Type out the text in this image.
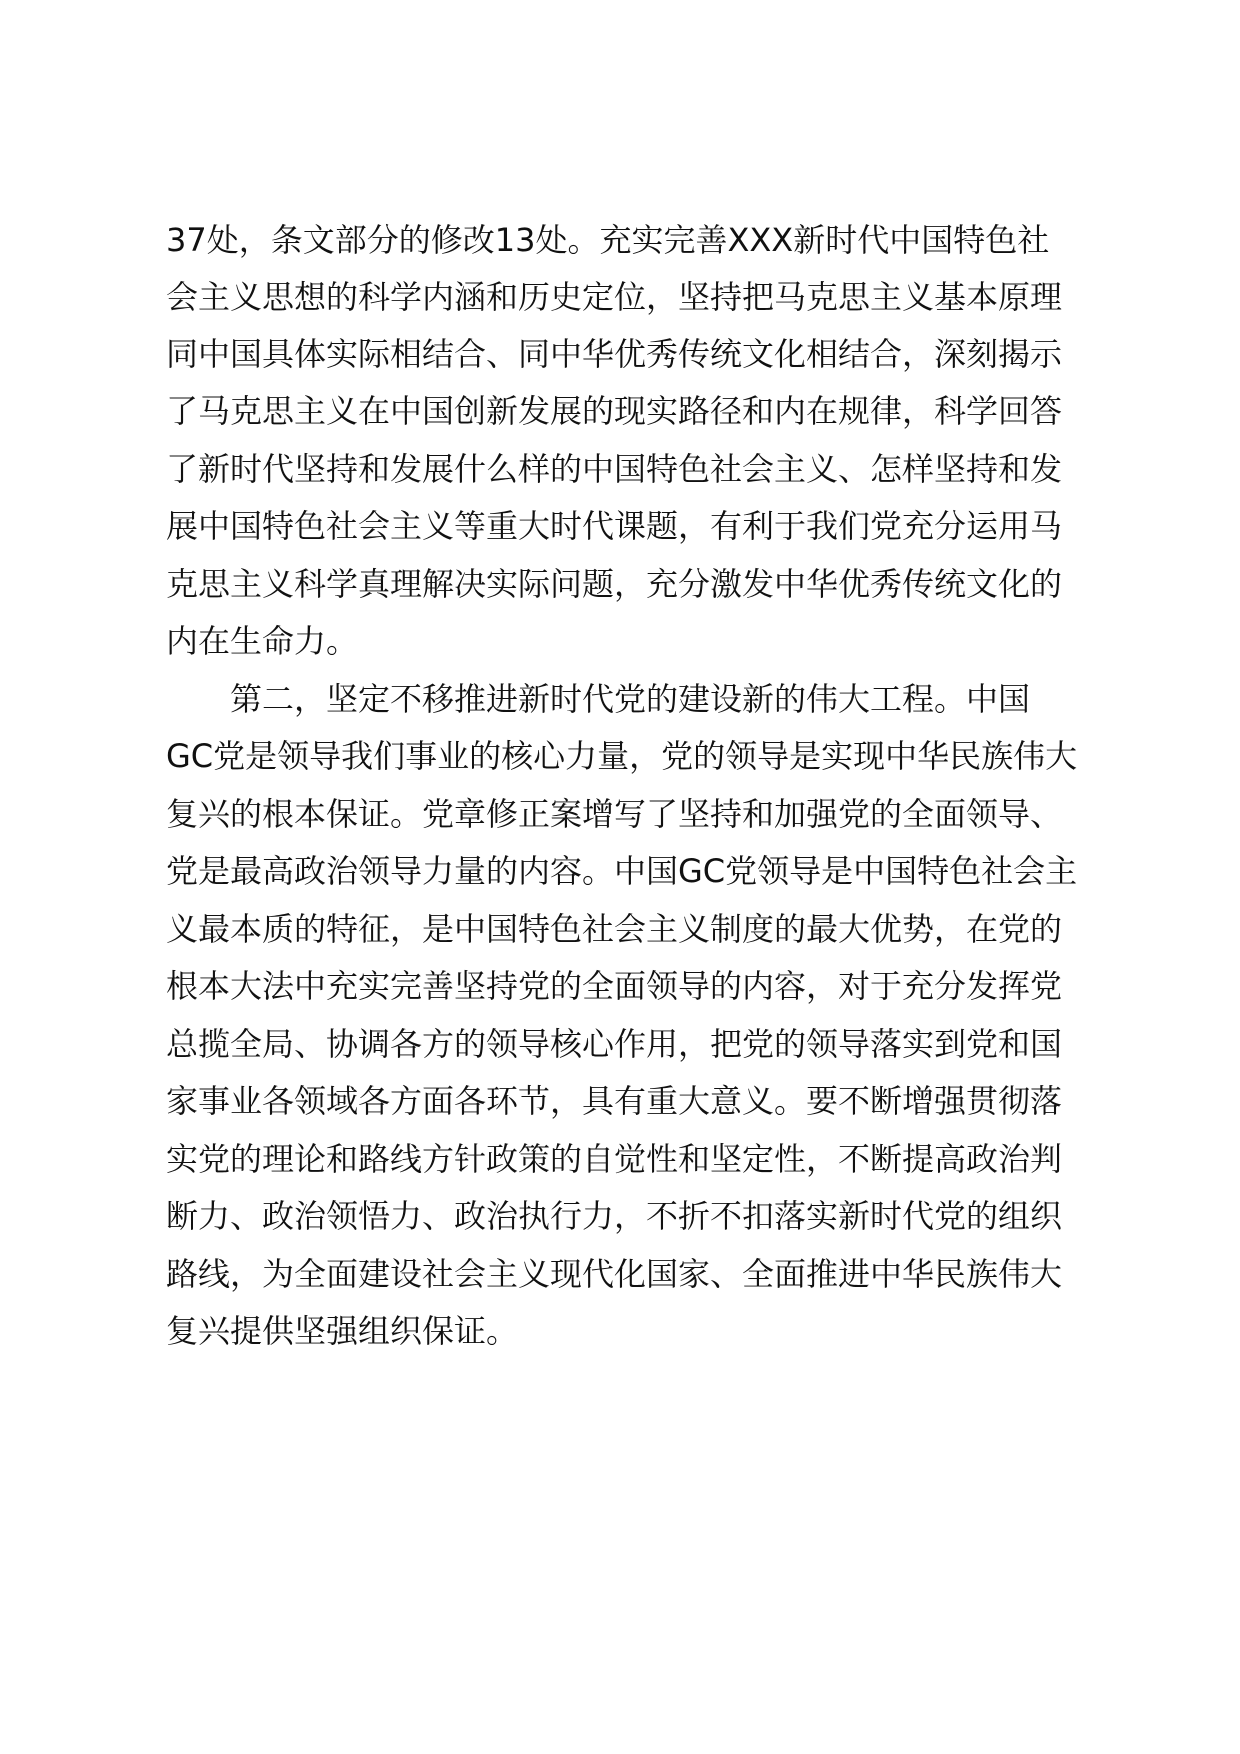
37处，条文部分的修改13处。充实完善XXX新时代中国特色社
会主义思想的科学内涵和历史定位，坚持把马克思主义基本原理
同中国具体实际相结合、同中华优秀传统文化相结合，深刻揭示
了马克思主义在中国创新发展的现实路径和内在规律，科学回答
了新时代坚持和发展什么样的中国特色社会主义、怎样坚持和发
展中国特色社会主义等重大时代课题，有利于我们党充分运用马
克思主义科学真理解决实际问题，充分激发中华优秀传统文化的
内在生命力。
第二，坚定不移推进新时代党的建设新的伟大工程。中国
GC党是领导我们事业的核心力量，党的领导是实现中华民族伟大
复兴的根本保证。党章修正案增写了坚持和加强党的全面领导、
党是最高政治领导力量的内容。中国GC党领导是中国特色社会主
义最本质的特征，是中国特色社会主义制度的最大优势，在党的
根本大法中充实完善坚持党的全面领导的内容，对于充分发挥党
总揽全局、协调各方的领导核心作用，把党的领导落实到党和国
家事业各领域各方面各环节，具有重大意义。要不断增强贯彻落
实党的理论和路线方针政策的自觉性和坚定性，不断提高政治判
断力、政治领悟力、政治执行力，不折不扣落实新时代党的组织
路线，为全面建设社会主义现代化国家、全面推进中华民族伟大
复兴提供坚强组织保证。
